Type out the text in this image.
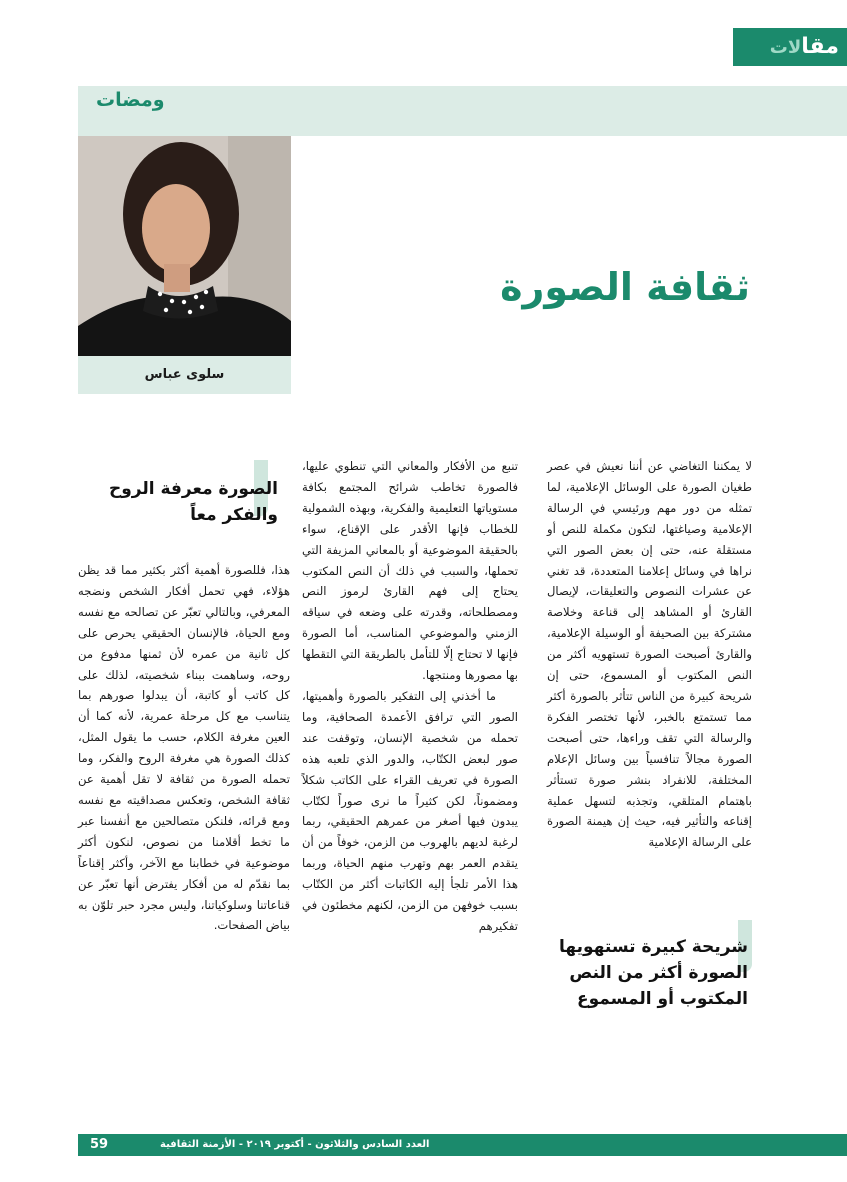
مقالات
ومضات
سلوى عباس
ثقافة الصورة
الصورة معرفة الروح والفكر معاً
شريحة كبيرة تستهويها الصورة أكثر من النص المكتوب أو المسموع

لا يمكننا التغاضي عن أننا نعيش في عصر طغيان الصورة على الوسائل الإعلامية، لما تمثله من دور مهم ورئيسي في الرسالة الإعلامية وصياغتها، لتكون مكملة للنص أو مستقلة عنه، حتى إن بعض الصور التي نراها في وسائل إعلامنا المتعددة، قد تغني عن عشرات النصوص والتعليقات، لإيصال القارئ أو المشاهد إلى قناعة وخلاصة مشتركة بين الصحيفة أو الوسيلة الإعلامية، والقارئ أصبحت الصورة تستهويه أكثر من النص المكتوب أو المسموع، حتى إن شريحة كبيرة من الناس تتأثر بالصورة أكثر مما تستمتع بالخبر، لأنها تختصر الفكرة والرسالة التي تقف وراءها، حتى أصبحت الصورة مجالاً تنافسياً بين وسائل الإعلام المختلفة، للانفراد بنشر صورة تستأثر باهتمام المتلقي، وتجذبه لتسهل عملية إقناعه والتأثير فيه، حيث إن هيمنة الصورة على الرسالة الإعلامية

تنبع من الأفكار والمعاني التي تنطوي عليها، فالصورة تخاطب شرائح المجتمع بكافة مستوياتها التعليمية والفكرية، وبهذه الشمولية للخطاب فإنها الأقدر على الإقناع، سواء بالحقيقة الموضوعية أو بالمعاني المزيفة التي تحملها، والسبب في ذلك أن النص المكتوب يحتاج إلى فهم القارئ لرموز النص ومصطلحاته، وقدرته على وضعه في سياقه الزمني والموضوعي المناسب، أما الصورة فإنها لا تحتاج إلّا للتأمل بالطريقة التي التقطها بها مصورها ومنتجها.

ما أخذني إلى التفكير بالصورة وأهميتها، الصور التي ترافق الأعمدة الصحافية، وما تحمله من شخصية الإنسان، وتوقفت عند صور لبعض الكتّاب، والدور الذي تلعبه هذه الصورة في تعريف القراء على الكاتب شكلاً ومضموناً، لكن كثيراً ما نرى صوراً لكتّاب يبدون فيها أصغر من عمرهم الحقيقي، ربما لرغبة لديهم بالهروب من الزمن، خوفاً من أن يتقدم العمر بهم وتهرب منهم الحياة، وربما هذا الأمر تلجأ إليه الكاتبات أكثر من الكتّاب بسبب خوفهن من الزمن، لكنهم مخطئون في تفكيرهم

هذا، فللصورة أهمية أكثر بكثير مما قد يظن هؤلاء، فهي تحمل أفكار الشخص ونضجه المعرفي، وبالتالي تعبّر عن تصالحه مع نفسه ومع الحياة، فالإنسان الحقيقي يحرص على كل ثانية من عمره لأن ثمنها مدفوع من روحه، وساهمت ببناء شخصيته، لذلك على كل كاتب أو كاتبة، أن يبدلوا صورهم بما يتناسب مع كل مرحلة عمرية، لأنه كما أن العين مغرفة الكلام، حسب ما يقول المثل، كذلك الصورة هي مغرفة الروح والفكر، وما تحمله الصورة من ثقافة لا تقل أهمية عن ثقافة الشخص، وتعكس مصداقيته مع نفسه ومع قرائه، فلنكن متصالحين مع أنفسنا عبر ما تخط أقلامنا من نصوص، لنكون أكثر موضوعية في خطابنا مع الآخر، وأكثر إقناعاً بما نقدّم له من أفكار يفترض أنها تعبّر عن قناعاتنا وسلوكياتنا، وليس مجرد حبر تلوّن به بياض الصفحات.

العدد السادس والثلاثون - أكتوبر ٢٠١٩ - الأزمنة الثقافية
59
